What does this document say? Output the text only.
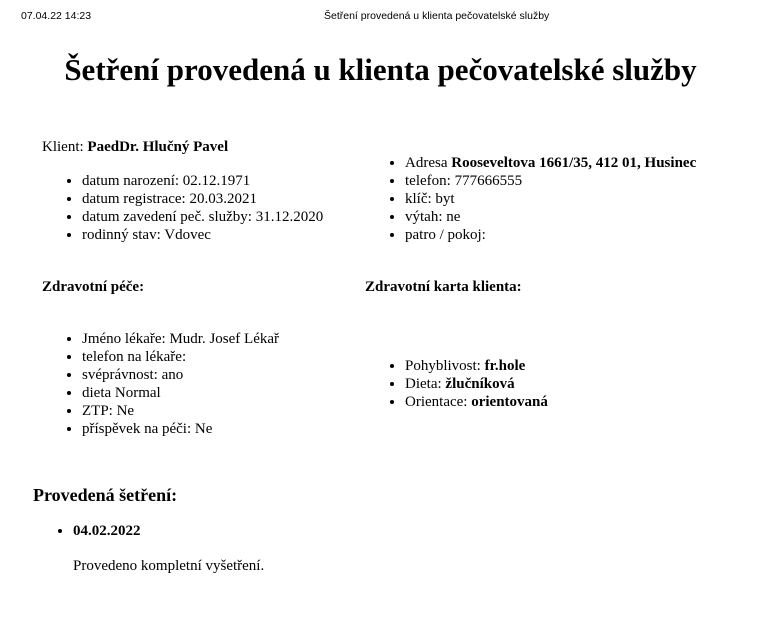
07.04.22 14:23	Šetření provedená u klienta pečovatelské služby
Šetření provedená u klienta pečovatelské služby
Klient: PaedDr. Hlučný Pavel
• datum narození: 02.12.1971
• datum registrace: 20.03.2021
• datum zavedení peč. služby: 31.12.2020
• rodinný stav: Vdovec
• Adresa Rooseveltova 1661/35, 412 01, Husinec
• telefon: 777666555
• klíč: byt
• výtah: ne
• patro / pokoj:
Zdravotní péče:	Zdravotní karta klienta:
• Jméno lékaře: Mudr. Josef Lékař
• telefon na lékaře:
• svéprávnost: ano
• dieta Normal
• ZTP: Ne
• příspěvek na péči: Ne
• Pohyblivost: fr.hole
• Dieta: žlučníková
• Orientace: orientovaná
Provedená šetření:
• 04.02.2022
Provedeno kompletní vyšetření.
